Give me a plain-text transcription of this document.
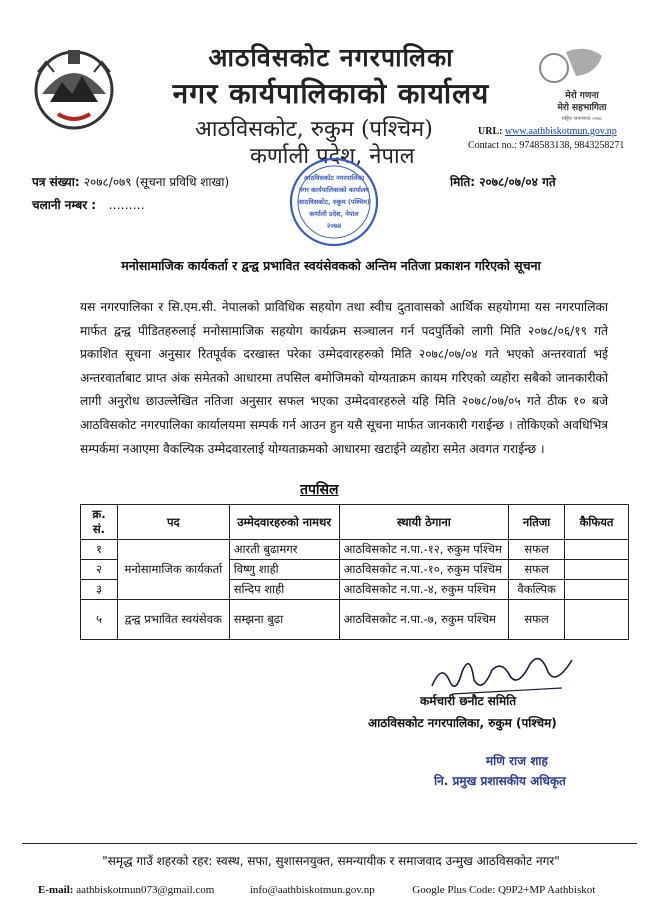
आठविसकोट नगरपालिका
नगर कार्यपालिकाको कार्यालय
आठविसकोट, रुकुम (पश्चिम)
कर्णाली प्रदेश, नेपाल
मेरो गणना
मेरो सहभागिता
राष्ट्रिय जनगणना २०७८
URL: www.aathbiskotmun.gov.np
Contact no.: 9748583138, 9843258271
पत्र संख्या: २०७८/०७९ (सूचना प्रविधि शाखा)
चलानी नम्बर : ………
मिति: २०७८/०७/०४ गते
आठविसकोट नगरपालिका
नगर कार्यपालिकाको कार्यालय
आठविसकोट, रुकुम (पश्चिम)
कर्णाली प्रदेश, नेपाल
२०७४
मनोसामाजिक कार्यकर्ता र द्वन्द्व प्रभावित स्वयंसेवकको अन्तिम नतिजा प्रकाशन गरिएको सूचना
यस नगरपालिका र सि.एम.सी. नेपालको प्राविधिक सहयोग तथा स्वीच दुतावासको आर्थिक सहयोगमा यस नगरपालिका मार्फत द्वन्द्व पीडितहरुलाई मनोसामाजिक सहयोग कार्यक्रम सञ्चालन गर्न पदपुर्तिको लागी मिति २०७८/०६/१९ गते प्रकाशित सूचना अनुसार रितपूर्वक दरखास्त परेका उम्मेदवारहरुको मिति २०७८/०७/०४ गते भएको अन्तरवार्ता भई अन्तरवार्ताबाट प्राप्त अंक समेतको आधारमा तपसिल बमोजिमको योग्यताक्रम कायम गरिएको व्यहोरा सबैको जानकारीको लागी अनुरोध छाउल्लेखित नतिजा अनुसार सफल भएका उम्मेदवारहरुले यहि मिति २०७८/०७/०५ गते ठीक १० बजे आठविसकोट नगरपालिका कार्यालयमा सम्पर्क गर्न आउन हुन यसै सूचना मार्फत जानकारी गराईन्छ । तोकिएको अवधिभित्र सम्पर्कमा नआएमा वैकल्पिक उम्मेदवारलाई योग्यताक्रमको आधारमा खटाईने व्यहोरा समेत अवगत गराईन्छ ।
तपसिल
क्र. सं.	पद	उम्मेदवारहरुको नामथर	स्थायी ठेगाना	नतिजा	कैफियत
१	मनोसामाजिक कार्यकर्ता	आरती बुढामगर	आठविसकोट न.पा.-१२, रुकुम पश्चिम	सफल	
२		विष्णु शाही	आठविसकोट न.पा.-१०, रुकुम पश्चिम	सफल	
३		सन्दिप शाही	आठविसकोट न.पा.-४, रुकुम पश्चिम	वैकल्पिक	
५	द्वन्द्व प्रभावित स्वयंसेवक	सम्झना बुढा	आठविसकोट न.पा.-७, रुकुम पश्चिम	सफल	
कर्मचारी छनौट समिति
आठविसकोट नगरपालिका, रुकुम (पश्चिम)
मणि राज शाह
नि. प्रमुख प्रशासकीय अधिकृत
"समृद्ध गाउँ शहरको रहर: स्वस्थ, सफा, सुशासनयुक्त, समन्यायीक र समाजवाद उन्मुख आठविसकोट नगर"
E-mail: aathbiskotmun073@gmail.com	info@aathbiskotmun.gov.np	Google Plus Code: Q9P2+MP Aathbiskot
